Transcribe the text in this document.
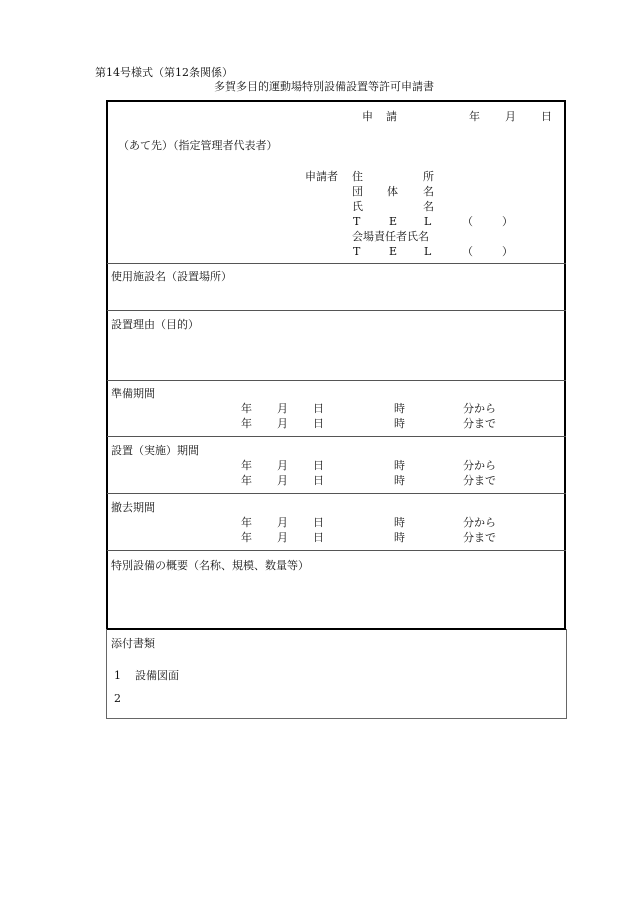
第14号様式（第12条関係）
多賀多目的運動場特別設備設置等許可申請書
申 請	年 月 日
（あて先）（指定管理者代表者）
申請者 住	所
団 体 名
氏	名
T	E L	（	）
会場責任者氏名
T	E L	（	）
使用施設名（設置場所）
設置理由（目的）
準備期間
年 月 日	時	分から
年 月 日	時	分まで
設置（実施）期間
年 月 日	時	分から
年 月 日	時	分まで
撤去期間
年 月 日	時	分から
年 月 日	時	分まで
特別設備の概要（名称、規模、数量等）
添付書類
1 設備図面
2
